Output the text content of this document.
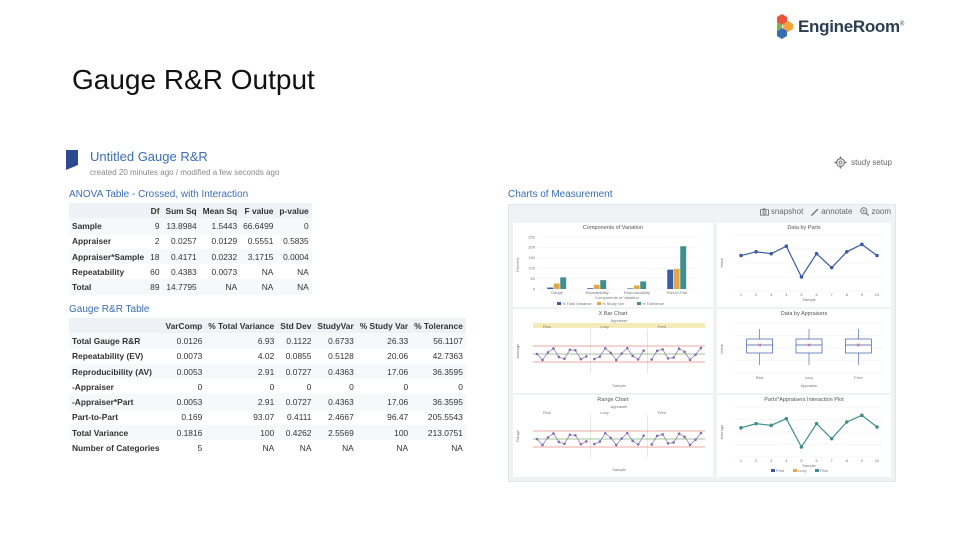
Gauge R&R Output
EngineRoom®
Untitled Gauge R&R
created 20 minutes ago / modified a few seconds ago
study setup
ANOVA Table - Crossed, with Interaction
	Df	Sum Sq	Mean Sq	F value	p-value
Sample	9	13.8984	1.5443	66.6499	0
Appraiser	2	0.0257	0.0129	0.5551	0.5835
Appraiser*Sample	18	0.4171	0.0232	3.1715	0.0004
Repeatability	60	0.4383	0.0073	NA	NA
Total	89	14.7795	NA	NA	NA
Gauge R&R Table
	VarComp	% Total Variance	Std Dev	StudyVar	% Study Var	% Tolerance
Total Gauge R&R	0.0126	6.93	0.1122	0.6733	26.33	56.1107
Repeatability (EV)	0.0073	4.02	0.0855	0.5128	20.06	42.7363
Reproducibility (AV)	0.0053	2.91	0.0727	0.4363	17.06	36.3595
-Appraiser	0	0	0	0	0	0
-Appraiser*Part	0.0053	2.91	0.0727	0.4363	17.06	36.3595
Part-to-Part	0.169	93.07	0.4111	2.4667	96.47	205.5543
Total Variance	0.1816	100	0.4262	2.5569	100	213.0751
Number of Categories	5	NA	NA	NA	NA	NA
Charts of Measurement
snapshot annotate zoom
Components of Variation
250
200
150
100
50
0
Gauge	Repeatability	Reproducibility	Part-to-Part
Components of Variation
Percent
% Total Variance	% Study Var	% Tolerance
Data by Parts
1	2	3	4	5	6	7	8	9	10
Sample
Value
X Bar Chart
Appraiser
Rick	Lucy	Fred
Sample
Average
Data by Appraisers
×
Rick
×
Lucy
×
Fred
Appraiser
Value
Range Chart
Appraiser
Rick	Lucy	Fred
Sample
Range
Parts*Appraisers Interaction Plot
1	2	3	4	5	6	7	8	9	10
Sample
Average
Fred	Lucy	Rick
